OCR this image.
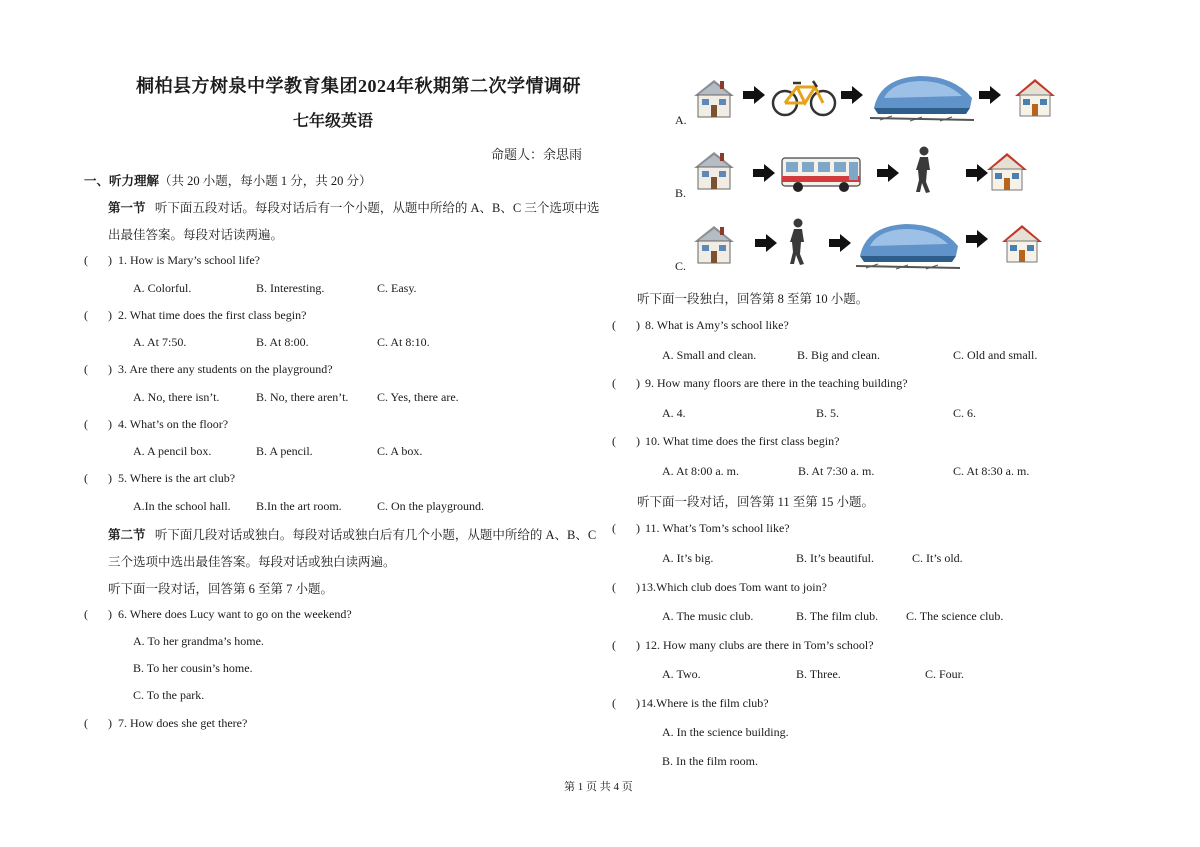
桐柏县方树泉中学教育集团2024年秋期第二次学情调研
七年级英语
命题人：余思雨
一、听力理解（共 20 小题，每小题 1 分，共 20 分）
第一节 听下面五段对话。每段对话后有一个小题，从题中所给的 A、B、C 三个选项中选
出最佳答案。每段对话读两遍。
( ) 1. How is Mary’s school life?
A. Colorful.	B. Interesting.	C. Easy.
( ) 2. What time does the first class begin?
A. At 7:50.	B. At 8:00.	C. At 8:10.
( ) 3. Are there any students on the playground?
A. No, there isn’t.	B. No, there aren’t. C. Yes, there are.
( ) 4. What’s on the floor?
A. A pencil box.	B. A pencil.	C. A box.
( ) 5. Where is the art club?
A.In the school hall. B.In the art room.	C. On the playground.
第二节 听下面几段对话或独白。每段对话或独白后有几个小题，从题中所给的 A、B、C
三个选项中选出最佳答案。每段对话或独白读两遍。
听下面一段对话，回答第 6 至第 7 小题。
( ) 6. Where does Lucy want to go on the weekend?
A. To her grandma’s home.
B. To her cousin’s home.
C. To the park.
( ) 7. How does she get there?
A.
B.
C.
听下面一段独白，回答第 8 至第 10 小题。
( ) 8. What is Amy’s school like?
A. Small and clean.	B. Big and clean.	C. Old and small.
( ) 9. How many floors are there in the teaching building?
A. 4.	B. 5.	C. 6.
( ) 10. What time does the first class begin?
A. At 8:00 a. m.	B. At 7:30 a. m.	C. At 8:30 a. m.
听下面一段对话，回答第 11 至第 15 小题。
( ) 11. What’s Tom’s school like?
A. It’s big.	B. It’s beautiful.	C. It’s old.
( ) 13.Which club does Tom want to join?
A. The music club.	B. The film club. C. The science club.
( ) 12. How many clubs are there in Tom’s school?
A. Two.	B. Three.	C. Four.
( ) 14.Where is the film club?
A. In the science building.
B. In the film room.
第 1 页 共 4 页
